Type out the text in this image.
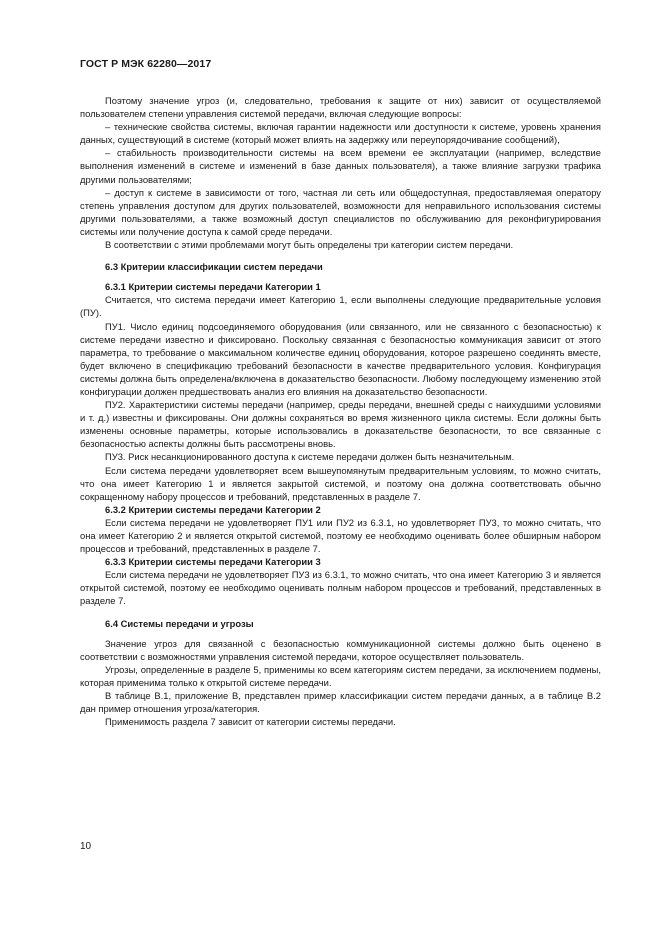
ГОСТ Р МЭК 62280—2017

Поэтому значение угроз (и, следовательно, требования к защите от них) зависит от осуществляемой пользователем степени управления системой передачи, включая следующие вопросы:

– технические свойства системы, включая гарантии надежности или доступности к системе, уровень хранения данных, существующий в системе (который может влиять на задержку или переупорядочивание сообщений),

– стабильность производительности системы на всем времени ее эксплуатации (например, вследствие выполнения изменений в системе и изменений в базе данных пользователя), а также влияние загрузки трафика другими пользователями;

– доступ к системе в зависимости от того, частная ли сеть или общедоступная, предоставляемая оператору степень управления доступом для других пользователей, возможности для неправильного использования системы другими пользователями, а также возможный доступ специалистов по обслуживанию для реконфигурирования системы или получение доступа к самой среде передачи.

В соответствии с этими проблемами могут быть определены три категории систем передачи.

6.3 Критерии классификации систем передачи
6.3.1 Критерии системы передачи Категории 1

Считается, что система передачи имеет Категорию 1, если выполнены следующие предварительные условия (ПУ).

ПУ1. Число единиц подсоединяемого оборудования (или связанного, или не связанного с безопасностью) к системе передачи известно и фиксировано. Поскольку связанная с безопасностью коммуникация зависит от этого параметра, то требование о максимальном количестве единиц оборудования, которое разрешено соединять вместе, будет включено в спецификацию требований безопасности в качестве предварительного условия. Конфигурация системы должна быть определена/включена в доказательство безопасности. Любому последующему изменению этой конфигурации должен предшествовать анализ его влияния на доказательство безопасности.

ПУ2. Характеристики системы передачи (например, среды передачи, внешней среды с наихудшими условиями и т. д.) известны и фиксированы. Они должны сохраняться во время жизненного цикла системы. Если должны быть изменены основные параметры, которые использовались в доказательстве безопасности, то все связанные с безопасностью аспекты должны быть рассмотрены вновь.

ПУ3. Риск несанкционированного доступа к системе передачи должен быть незначительным.

Если система передачи удовлетворяет всем вышеупомянутым предварительным условиям, то можно считать, что она имеет Категорию 1 и является закрытой системой, и поэтому она должна соответствовать обычно сокращенному набору процессов и требований, представленных в разделе 7.

6.3.2 Критерии системы передачи Категории 2

Если система передачи не удовлетворяет ПУ1 или ПУ2 из 6.3.1, но удовлетворяет ПУ3, то можно считать, что она имеет Категорию 2 и является открытой системой, поэтому ее необходимо оценивать более обширным набором процессов и требований, представленных в разделе 7.

6.3.3 Критерии системы передачи Категории 3

Если система передачи не удовлетворяет ПУ3 из 6.3.1, то можно считать, что она имеет Категорию 3 и является открытой системой, поэтому ее необходимо оценивать полным набором процессов и требований, представленных в разделе 7.

6.4 Системы передачи и угрозы

Значение угроз для связанной с безопасностью коммуникационной системы должно быть оценено в соответствии с возможностями управления системой передачи, которое осуществляет пользователь.

Угрозы, определенные в разделе 5, применимы ко всем категориям систем передачи, за исключением подмены, которая применима только к открытой системе передачи.

В таблице В.1, приложение В, представлен пример классификации систем передачи данных, а в таблице В.2 дан пример отношения угроза/категория.

Применимость раздела 7 зависит от категории системы передачи.

10
